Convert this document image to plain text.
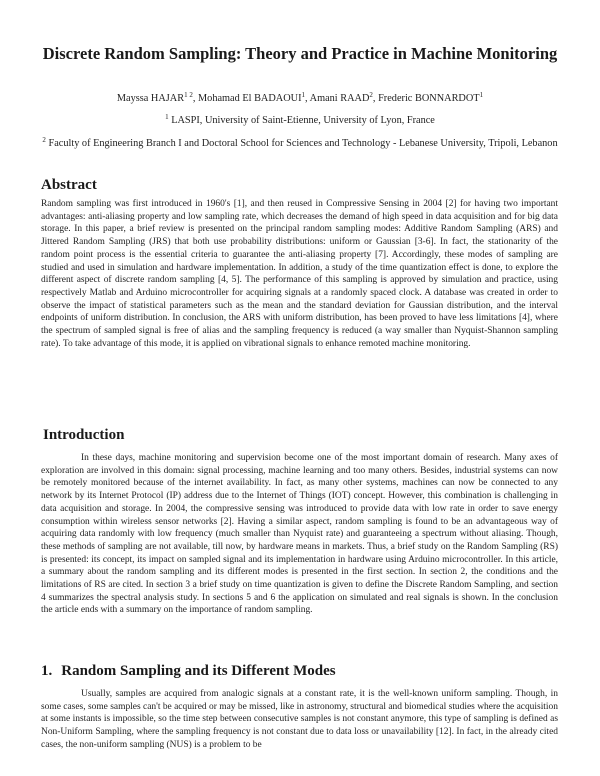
Discrete Random Sampling: Theory and Practice in Machine Monitoring
Mayssa $HAJAR^{1 2}$, Mohamad El BADAOUI$^1$, Amani RAAD$^2$, Frederic BONNARDOT$^1$
$^1$ LASPI, University of Saint-Etienne, University of Lyon, France
$^2$ Faculty of Engineering Branch I and Doctoral School for Sciences and Technology - Lebanese University, Tripoli, Lebanon
Abstract

Random sampling was first introduced in 1960's [1], and then reused in Compressive Sensing in 2004 [2] for having two important advantages: anti-aliasing property and low sampling rate, which decreases the demand of high speed in data acquisition and for big data storage. In this paper, a brief review is presented on the principal random sampling modes: Additive Random Sampling (ARS) and Jittered Random Sampling (JRS) that both use probability distributions: uniform or Gaussian [3-6]. In fact, the stationarity of the random point process is the essential criteria to guarantee the anti-aliasing property [7]. Accordingly, these modes of sampling are studied and used in simulation and hardware implementation. In addition, a study of the time quantization effect is done, to explore the different aspect of discrete random sampling [4, 5]. The performance of this sampling is approved by simulation and practice, using respectively Matlab and Arduino microcontroller for acquiring signals at a randomly spaced clock. A database was created in order to observe the impact of statistical parameters such as the mean and the standard deviation for Gaussian distribution, and the interval endpoints of uniform distribution. In conclusion, the ARS with uniform distribution, has been proved to have less limitations [4], where the spectrum of sampled signal is free of alias and the sampling frequency is reduced (a way smaller than Nyquist-Shannon sampling rate). To take advantage of this mode, it is applied on vibrational signals to enhance remoted machine monitoring.

Introduction

In these days, machine monitoring and supervision become one of the most important domain of research. Many axes of exploration are involved in this domain: signal processing, machine learning and too many others. Besides, industrial systems can now be remotely monitored because of the internet availability. In fact, as many other systems, machines can now be connected to any network by its Internet Protocol (IP) address due to the Internet of Things (IOT) concept. However, this combination is challenging in data acquisition and storage. In 2004, the compressive sensing was introduced to provide data with low rate in order to save energy consumption within wireless sensor networks [2]. Having a similar aspect, random sampling is found to be an advantageous way of acquiring data randomly with low frequency (much smaller than Nyquist rate) and guaranteeing a spectrum without aliasing. Though, these methods of sampling are not available, till now, by hardware means in markets. Thus, a brief study on the Random Sampling (RS) is presented: its concept, its impact on sampled signal and its implementation in hardware using Arduino microcontroller. In this article, a summary about the random sampling and its different modes is presented in the first section. In section 2, the conditions and the limitations of RS are cited. In section 3 a brief study on time quantization is given to define the Discrete Random Sampling, and section 4 summarizes the spectral analysis study. In sections 5 and 6 the application on simulated and real signals is shown. In the conclusion the article ends with a summary on the importance of random sampling.

1. Random Sampling and its Different Modes

Usually, samples are acquired from analogic signals at a constant rate, it is the well-known uniform sampling. Though, in some cases, some samples can't be acquired or may be missed, like in astronomy, structural and biomedical studies where the acquisition at some instants is impossible, so the time step between consecutive samples is not constant anymore, this type of sampling is defined as Non-Uniform Sampling, where the sampling frequency is not constant due to data loss or unavailability [12]. In fact, in the already cited cases, the non-uniform sampling (NUS) is a problem to be
